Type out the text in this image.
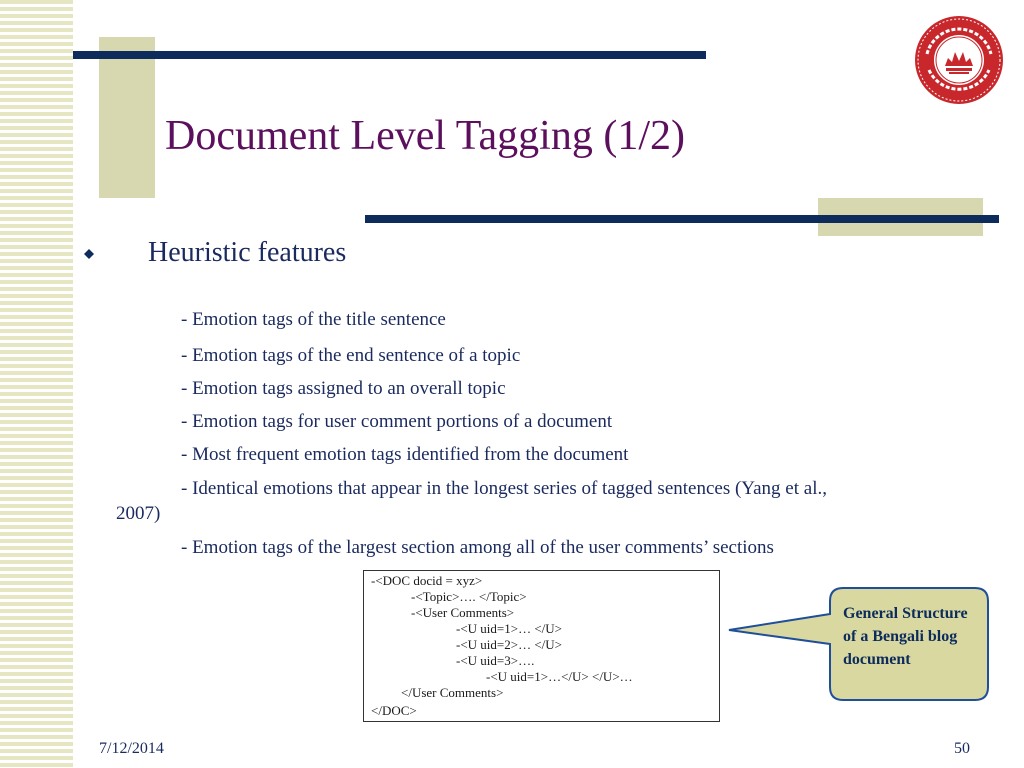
Document Level Tagging (1/2)
Heuristic features
- Emotion tags of the title sentence
- Emotion tags of the end sentence of a topic
- Emotion tags assigned to an overall topic
- Emotion tags for user comment portions of a document
- Most frequent emotion tags identified from the document
- Identical emotions that appear in the longest series of tagged sentences (Yang et al.,
2007)
- Emotion tags of the largest section among all of the user comments’ sections
-<DOC docid = xyz>
-<Topic>…. </Topic>
-<User Comments>
-<U uid=1>… </U>
-<U uid=2>… </U>
-<U uid=3>….
-<U uid=1>…</U> </U>…
</User Comments>
</DOC>
General Structure of a Bengali blog document
7/12/2014	50
